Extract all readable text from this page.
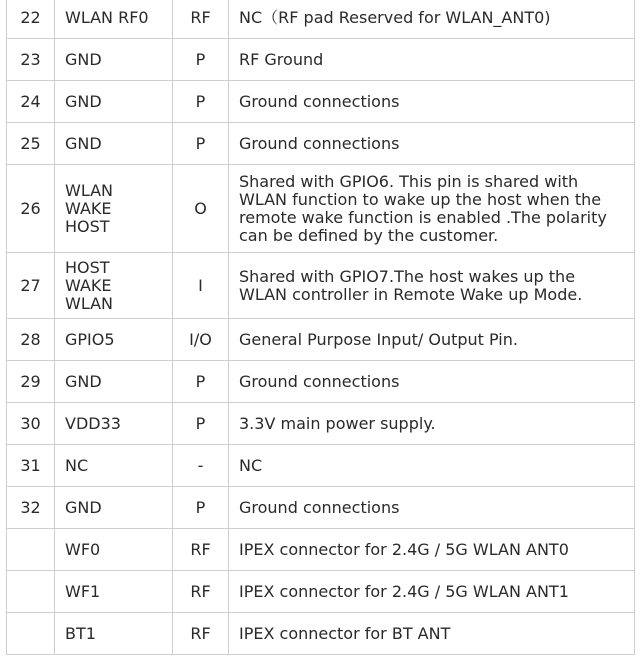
22	WLAN RF0	RF	NC（RF pad Reserved for WLAN_ANT0)
23	GND	P	RF Ground
24	GND	P	Ground connections
25	GND	P	Ground connections
26	WLAN
WAKE
HOST	O	Shared with GPIO6. This pin is shared with
WLAN function to wake up the host when the
remote wake function is enabled .The polarity
can be defined by the customer.
27	HOST
WAKE
WLAN	I	Shared with GPIO7.The host wakes up the
WLAN controller in Remote Wake up Mode.
28	GPIO5	I/O	General Purpose Input/ Output Pin.
29	GND	P	Ground connections
30	VDD33	P	3.3V main power supply.
31	NC	-	NC
32	GND	P	Ground connections
	WF0	RF	IPEX connector for 2.4G / 5G WLAN ANT0
	WF1	RF	IPEX connector for 2.4G / 5G WLAN ANT1
	BT1	RF	IPEX connector for BT ANT
